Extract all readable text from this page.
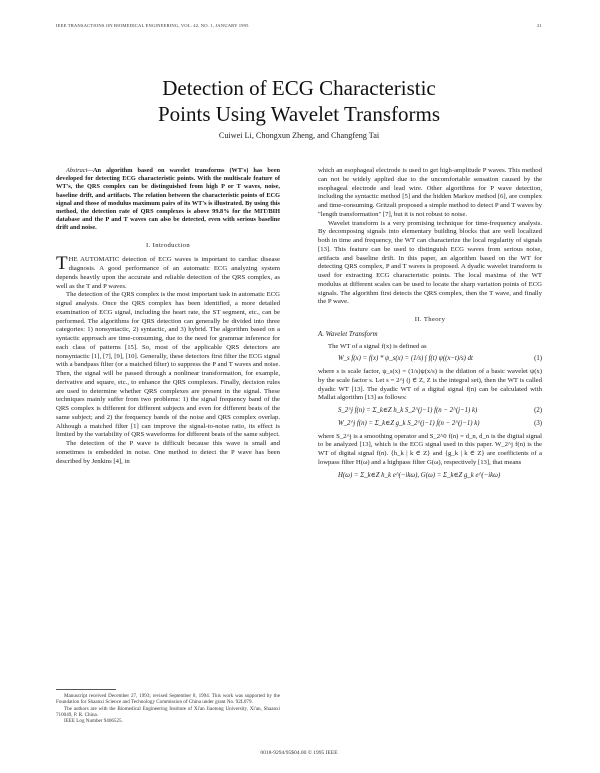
IEEE TRANSACTIONS ON BIOMEDICAL ENGINEERING, VOL. 42, NO. 1, JANUARY 1995	21
Detection of ECG Characteristic
Points Using Wavelet Transforms
Cuiwei Li, Chongxun Zheng, and Changfeng Tai

Abstract—An algorithm based on wavelet transforms (WT's) has been developed for detecting ECG characteristic points. With the multiscale feature of WT's, the QRS complex can be distinguished from high P or T waves, noise, baseline drift, and artifacts. The relation between the characteristic points of ECG signal and those of modulus maximum pairs of its WT's is illustrated. By using this method, the detection rate of QRS complexes is above 99.8% for the MIT/BIH database and the P and T waves can also be detected, even with serious baseline drift and noise.

I. Introduction

THE AUTOMATIC detection of ECG waves is important to cardiac disease diagnosis. A good performance of an automatic ECG analyzing system depends heavily upon the accurate and reliable detection of the QRS complex, as well as the T and P waves.

The detection of the QRS complex is the most important task in automatic ECG signal analysis. Once the QRS complex has been identified, a more detailed examination of ECG signal, including the heart rate, the ST segment, etc., can be performed. The algorithms for QRS detection can generally be divided into three categories: 1) nonsyntactic, 2) syntactic, and 3) hybrid. The algorithm based on a syntactic approach are time-consuming, due to the need for grammar inference for each class of patterns [15]. So, most of the applicable QRS detectors are nonsyntactic [1], [7], [9], [10]. Generally, these detectors first filter the ECG signal with a bandpass filter (or a matched filter) to suppress the P and T waves and noise. Then, the signal will be passed through a nonlinear transformation, for example, derivative and square, etc., to enhance the QRS complexes. Finally, decision rules are used to determine whether QRS complexes are present in the signal. These techniques mainly suffer from two problems: 1) the signal frequency band of the QRS complex is different for different subjects and even for different beats of the same subject; and 2) the frequency bands of the noise and QRS complex overlap. Although a matched filter [1] can improve the signal-to-noise ratio, its effect is limited by the variability of QRS waveforms for different beats of the same subject.

The detection of the P wave is difficult because this wave is small and sometimes is embedded in noise. One method to detect the P wave has been described by Jenkins [4], in

which an esophageal electrode is used to get high-amplitude P waves. This method can not be widely applied due to the uncomfortable sensation caused by the esophageal electrode and lead wire. Other algorithms for P wave detection, including the syntactic method [5] and the hidden Markov method [6], are complex and time-consuming. Gritzali proposed a simple method to detect P and T waves by "length transformation" [7], but it is not robust to noise.

Wavelet transform is a very promising technique for time-frequency analysis. By decomposing signals into elementary building blocks that are well localized both in time and frequency, the WT can characterize the local regularity of signals [13]. This feature can be used to distinguish ECG waves from serious noise, artifacts and baseline drift. In this paper, an algorithm based on the WT for detecting QRS complex, P and T waves is proposed. A dyadic wavelet transform is used for extracting ECG characteristic points. The local maxima of the WT modulus at different scales can be used to locate the sharp variation points of ECG signals. The algorithm first detects the QRS complex, then the T wave, and finally the P wave.

II. Theory
A. Wavelet Transform

The WT of a signal f(x) is defined as

W_s f(x) = f(x) * ψ_s(x) = (1/s) ∫ f(t) ψ((x−t)/s) dt	(1)

where s is scale factor, ψ_s(x) = (1/s)ψ(x/s) is the dilation of a basic wavelet ψ(x) by the scale factor s. Let s = 2^j (j ∈ Z, Z is the integral set), then the WT is called dyadic WT [13]. The dyadic WT of a digital signal f(n) can be calculated with Mallat algorithm [13] as follows:

S_2^j f(n) = Σ_k∈Z h_k S_2^(j−1) f(n − 2^(j−1) k)	(2)
W_2^j f(n) = Σ_k∈Z g_k S_2^(j−1) f(n − 2^(j−1) k)	(3)

where S_2^j is a smoothing operator and S_2^0 f(n) = d_n, d_n is the digital signal to be analyzed [13], which is the ECG signal used in this paper. W_2^j f(n) is the WT of digital signal f(n). {h_k | k ∈ Z} and {g_k | k ∈ Z} are coefficients of a lowpass filter H(ω) and a highpass filter G(ω), respectively [13], that means

H(ω) = Σ_k∈Z h_k e^(−ikω), G(ω) = Σ_k∈Z g_k e^(−ikω)

Manuscript received December 27, 1993; revised September 8, 1994. This work was supported by the Foundation for Shaanxi Science and Technology Commission of China under grant No. 92L079.

The authors are with the Biomedical Engineering Institute of Xi'an Jiaotong University, Xi'an, Shaanxi 710049, P. R. China.

IEEE Log Number 9406525.

0018-9294/95$04.00 © 1995 IEEE
